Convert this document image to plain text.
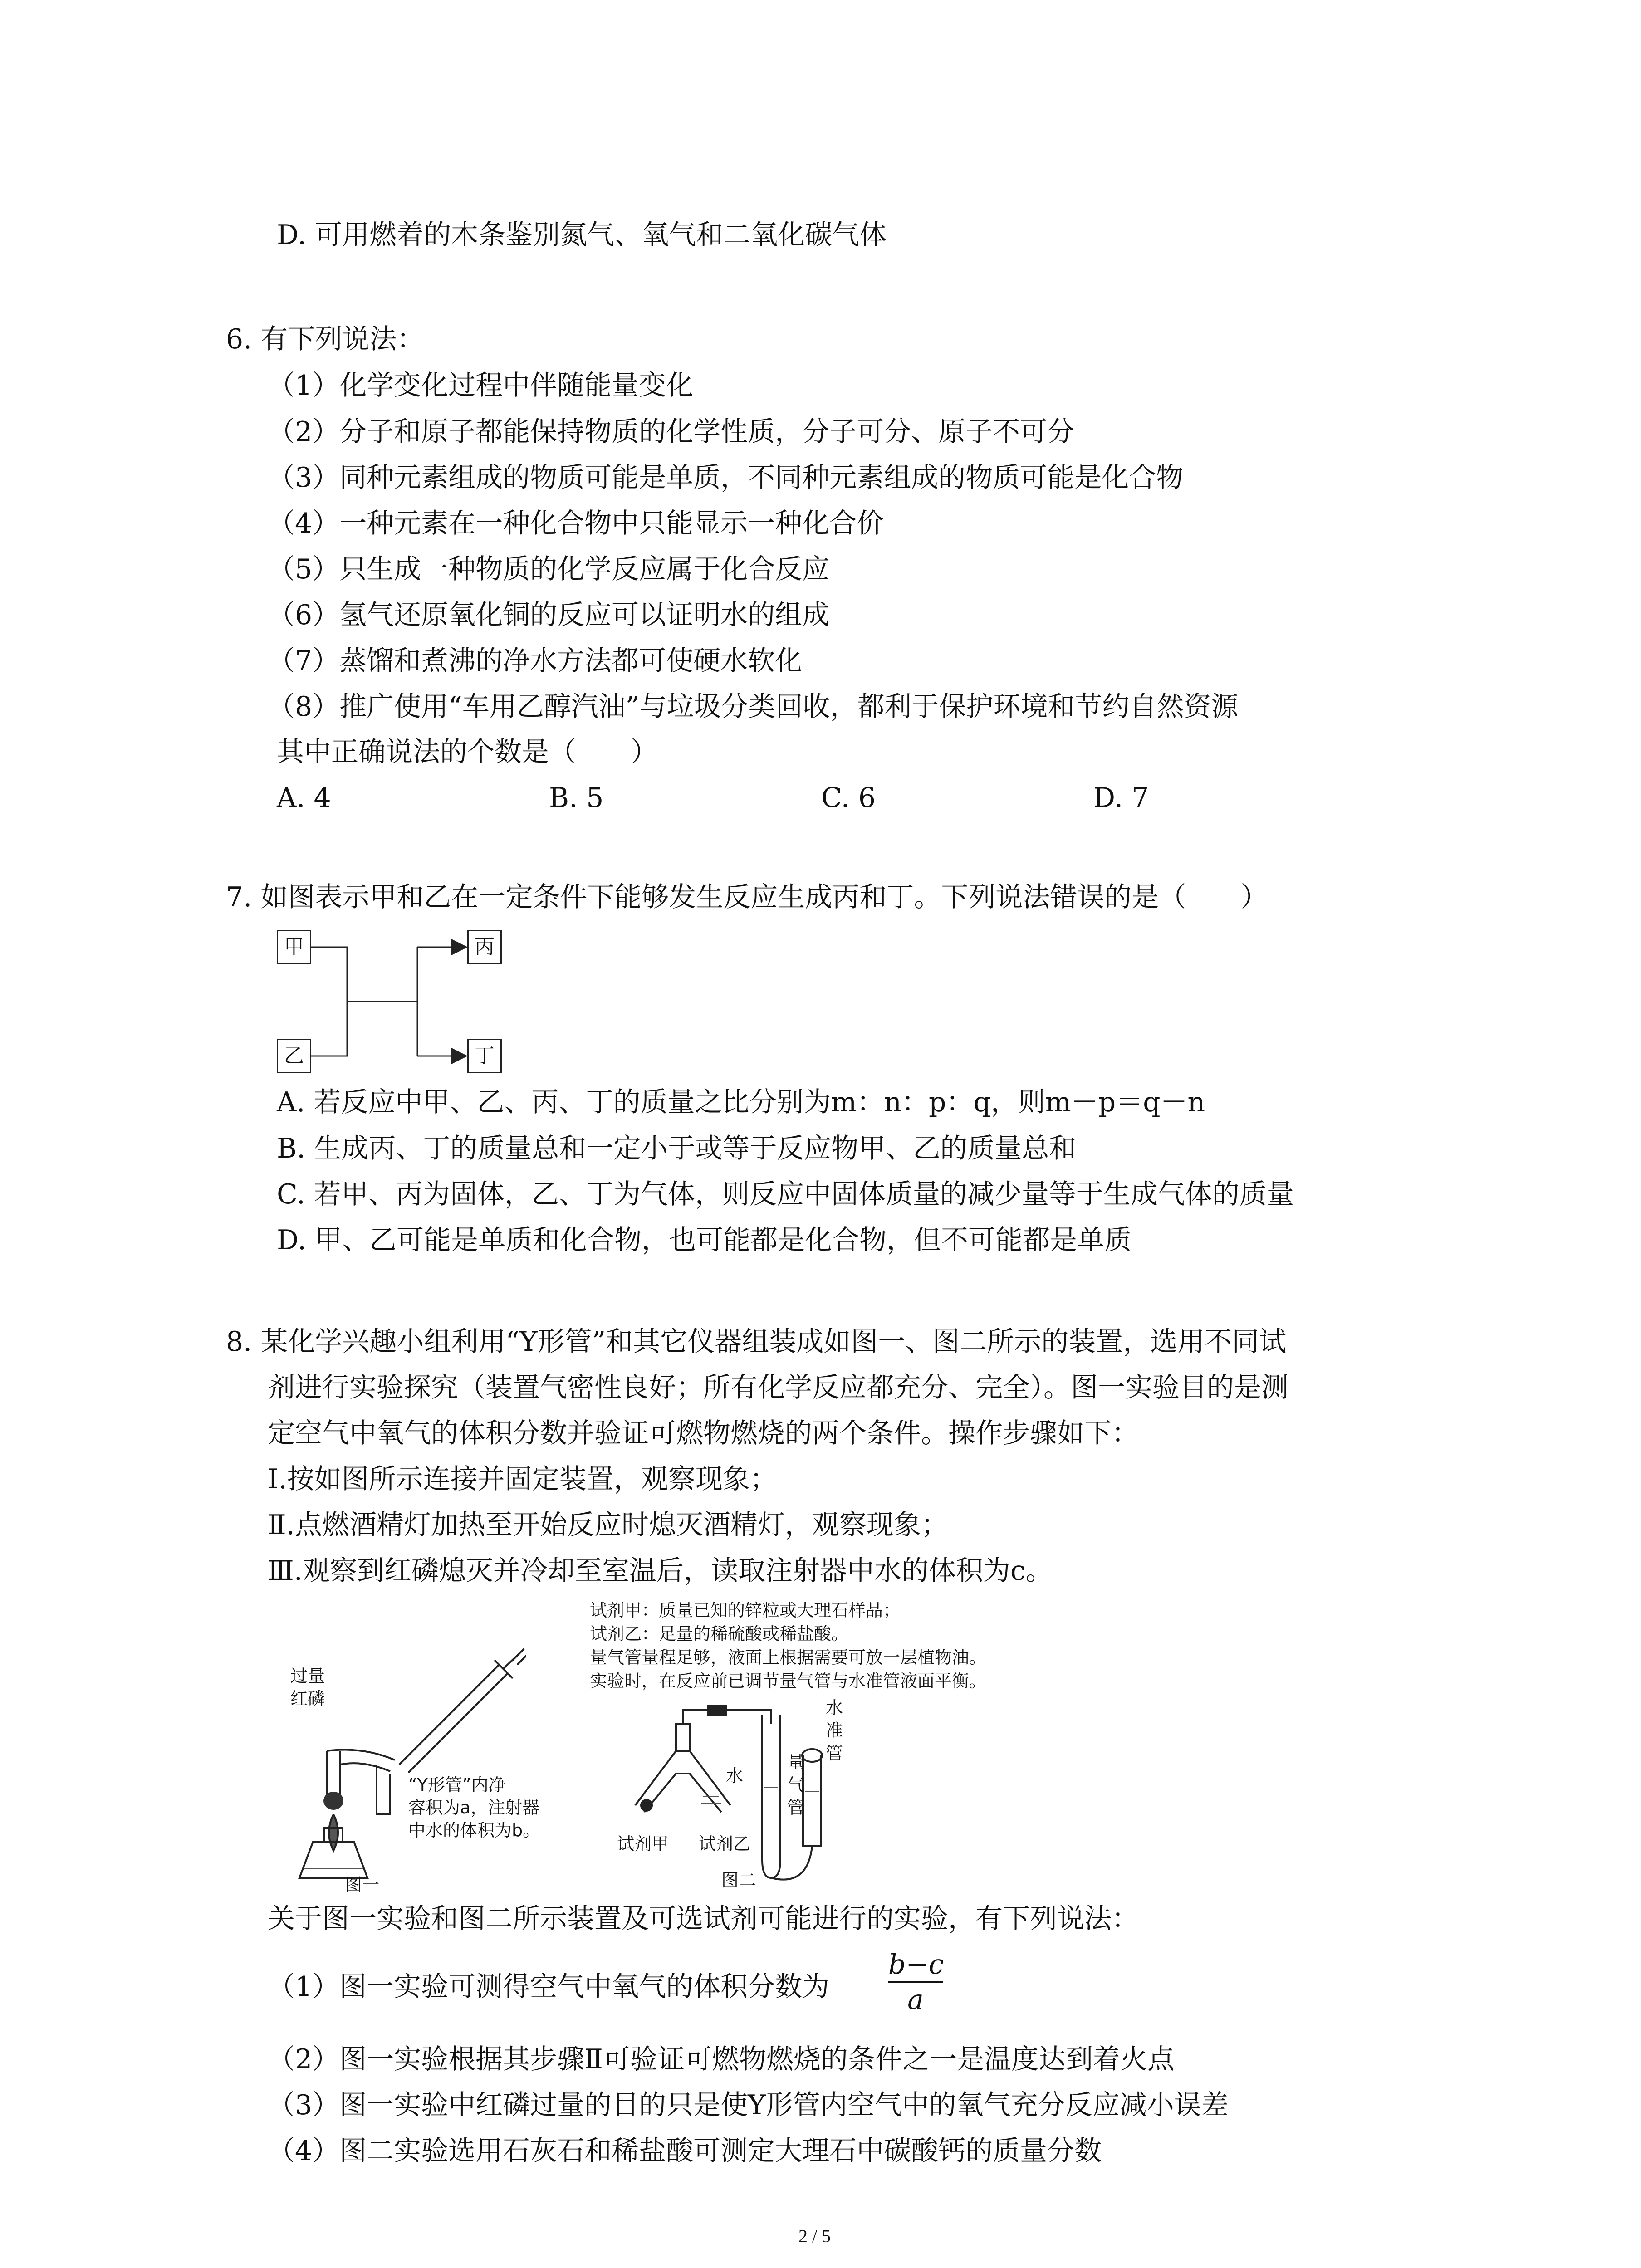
D. 可用燃着的木条鉴别氮气、氧气和二氧化碳气体
6. 有下列说法：
（1）化学变化过程中伴随能量变化
（2）分子和原子都能保持物质的化学性质，分子可分、原子不可分
（3）同种元素组成的物质可能是单质，不同种元素组成的物质可能是化合物
（4）一种元素在一种化合物中只能显示一种化合价
（5）只生成一种物质的化学反应属于化合反应
（6）氢气还原氧化铜的反应可以证明水的组成
（7）蒸馏和煮沸的净水方法都可使硬水软化
（8）推广使用“车用乙醇汽油”与垃圾分类回收，都利于保护环境和节约自然资源
其中正确说法的个数是（　　）
A. 4	B. 5	C. 6	D. 7
7. 如图表示甲和乙在一定条件下能够发生反应生成丙和丁。下列说法错误的是（　　）
甲
乙
丙
丁
A. 若反应中甲、乙、丙、丁的质量之比分别为m：n：p：q，则m－p＝q－n
B. 生成丙、丁的质量总和一定小于或等于反应物甲、乙的质量总和
C. 若甲、丙为固体，乙、丁为气体，则反应中固体质量的减少量等于生成气体的质量
D. 甲、乙可能是单质和化合物，也可能都是化合物，但不可能都是单质
8. 某化学兴趣小组利用“Y形管”和其它仪器组装成如图一、图二所示的装置，选用不同试
剂进行实验探究（装置气密性良好；所有化学反应都充分、完全）。图一实验目的是测
定空气中氧气的体积分数并验证可燃物燃烧的两个条件。操作步骤如下：
Ⅰ.按如图所示连接并固定装置，观察现象；
Ⅱ.点燃酒精灯加热至开始反应时熄灭酒精灯，观察现象；
Ⅲ.观察到红磷熄灭并冷却至室温后，读取注射器中水的体积为c。
试剂甲：质量已知的锌粒或大理石样品；
试剂乙：足量的稀硫酸或稀盐酸。
量气管量程足够，液面上根据需要可放一层植物油。
实验时，在反应前已调节量气管与水准管液面平衡。
过量
红磷
“Y形管”内净
容积为a，注射器
中水的体积为b。
图一
水
量
气
管
水
准
管
试剂甲 试剂乙
图二
关于图一实验和图二所示装置及可选试剂可能进行的实验，有下列说法：
（1）图一实验可测得空气中氧气的体积分数为
b−c
a
（2）图一实验根据其步骤Ⅱ可验证可燃物燃烧的条件之一是温度达到着火点
（3）图一实验中红磷过量的目的只是使Y形管内空气中的氧气充分反应减小误差
（4）图二实验选用石灰石和稀盐酸可测定大理石中碳酸钙的质量分数
2 / 5
